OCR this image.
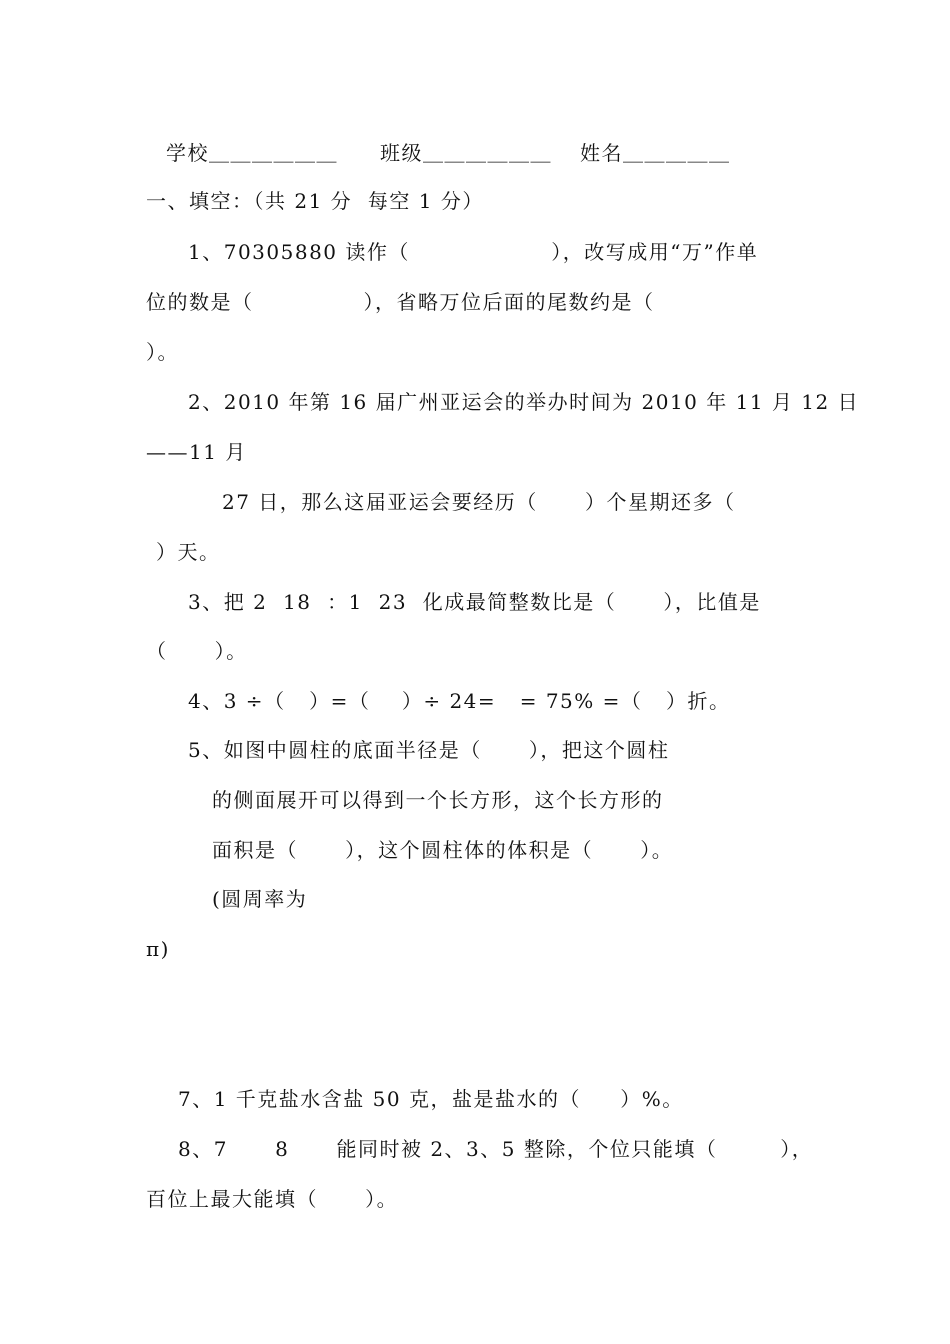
学校＿＿＿＿＿＿ 班级＿＿＿＿＿＿ 姓名＿＿＿＿＿
一、填空：（共 21 分  每空 1 分）
1、70305880 读作（                  ），改写成用“万”作单
位的数是（              ），省略万位后面的尾数约是（
）。
2、2010 年第 16 届广州亚运会的举办时间为 2010 年 11 月 12 日
——11 月
27 日，那么这届亚运会要经历（      ）个星期还多（
）天。
3、把 2  18  ：1  23  化成最简整数比是（      ），比值是
（      ）。
4、3 ÷（   ）=（    ）÷ 24=   = 75% =（   ）折。
5、如图中圆柱的底面半径是（      ），把这个圆柱
的侧面展开可以得到一个长方形，这个长方形的
面积是（      ），这个圆柱体的体积是（      ）。
(圆周率为
π)
7、1 千克盐水含盐 50 克，盐是盐水的（     ）%。
8、7      8      能同时被 2、3、5 整除，个位只能填（        ），
百位上最大能填（      ）。
